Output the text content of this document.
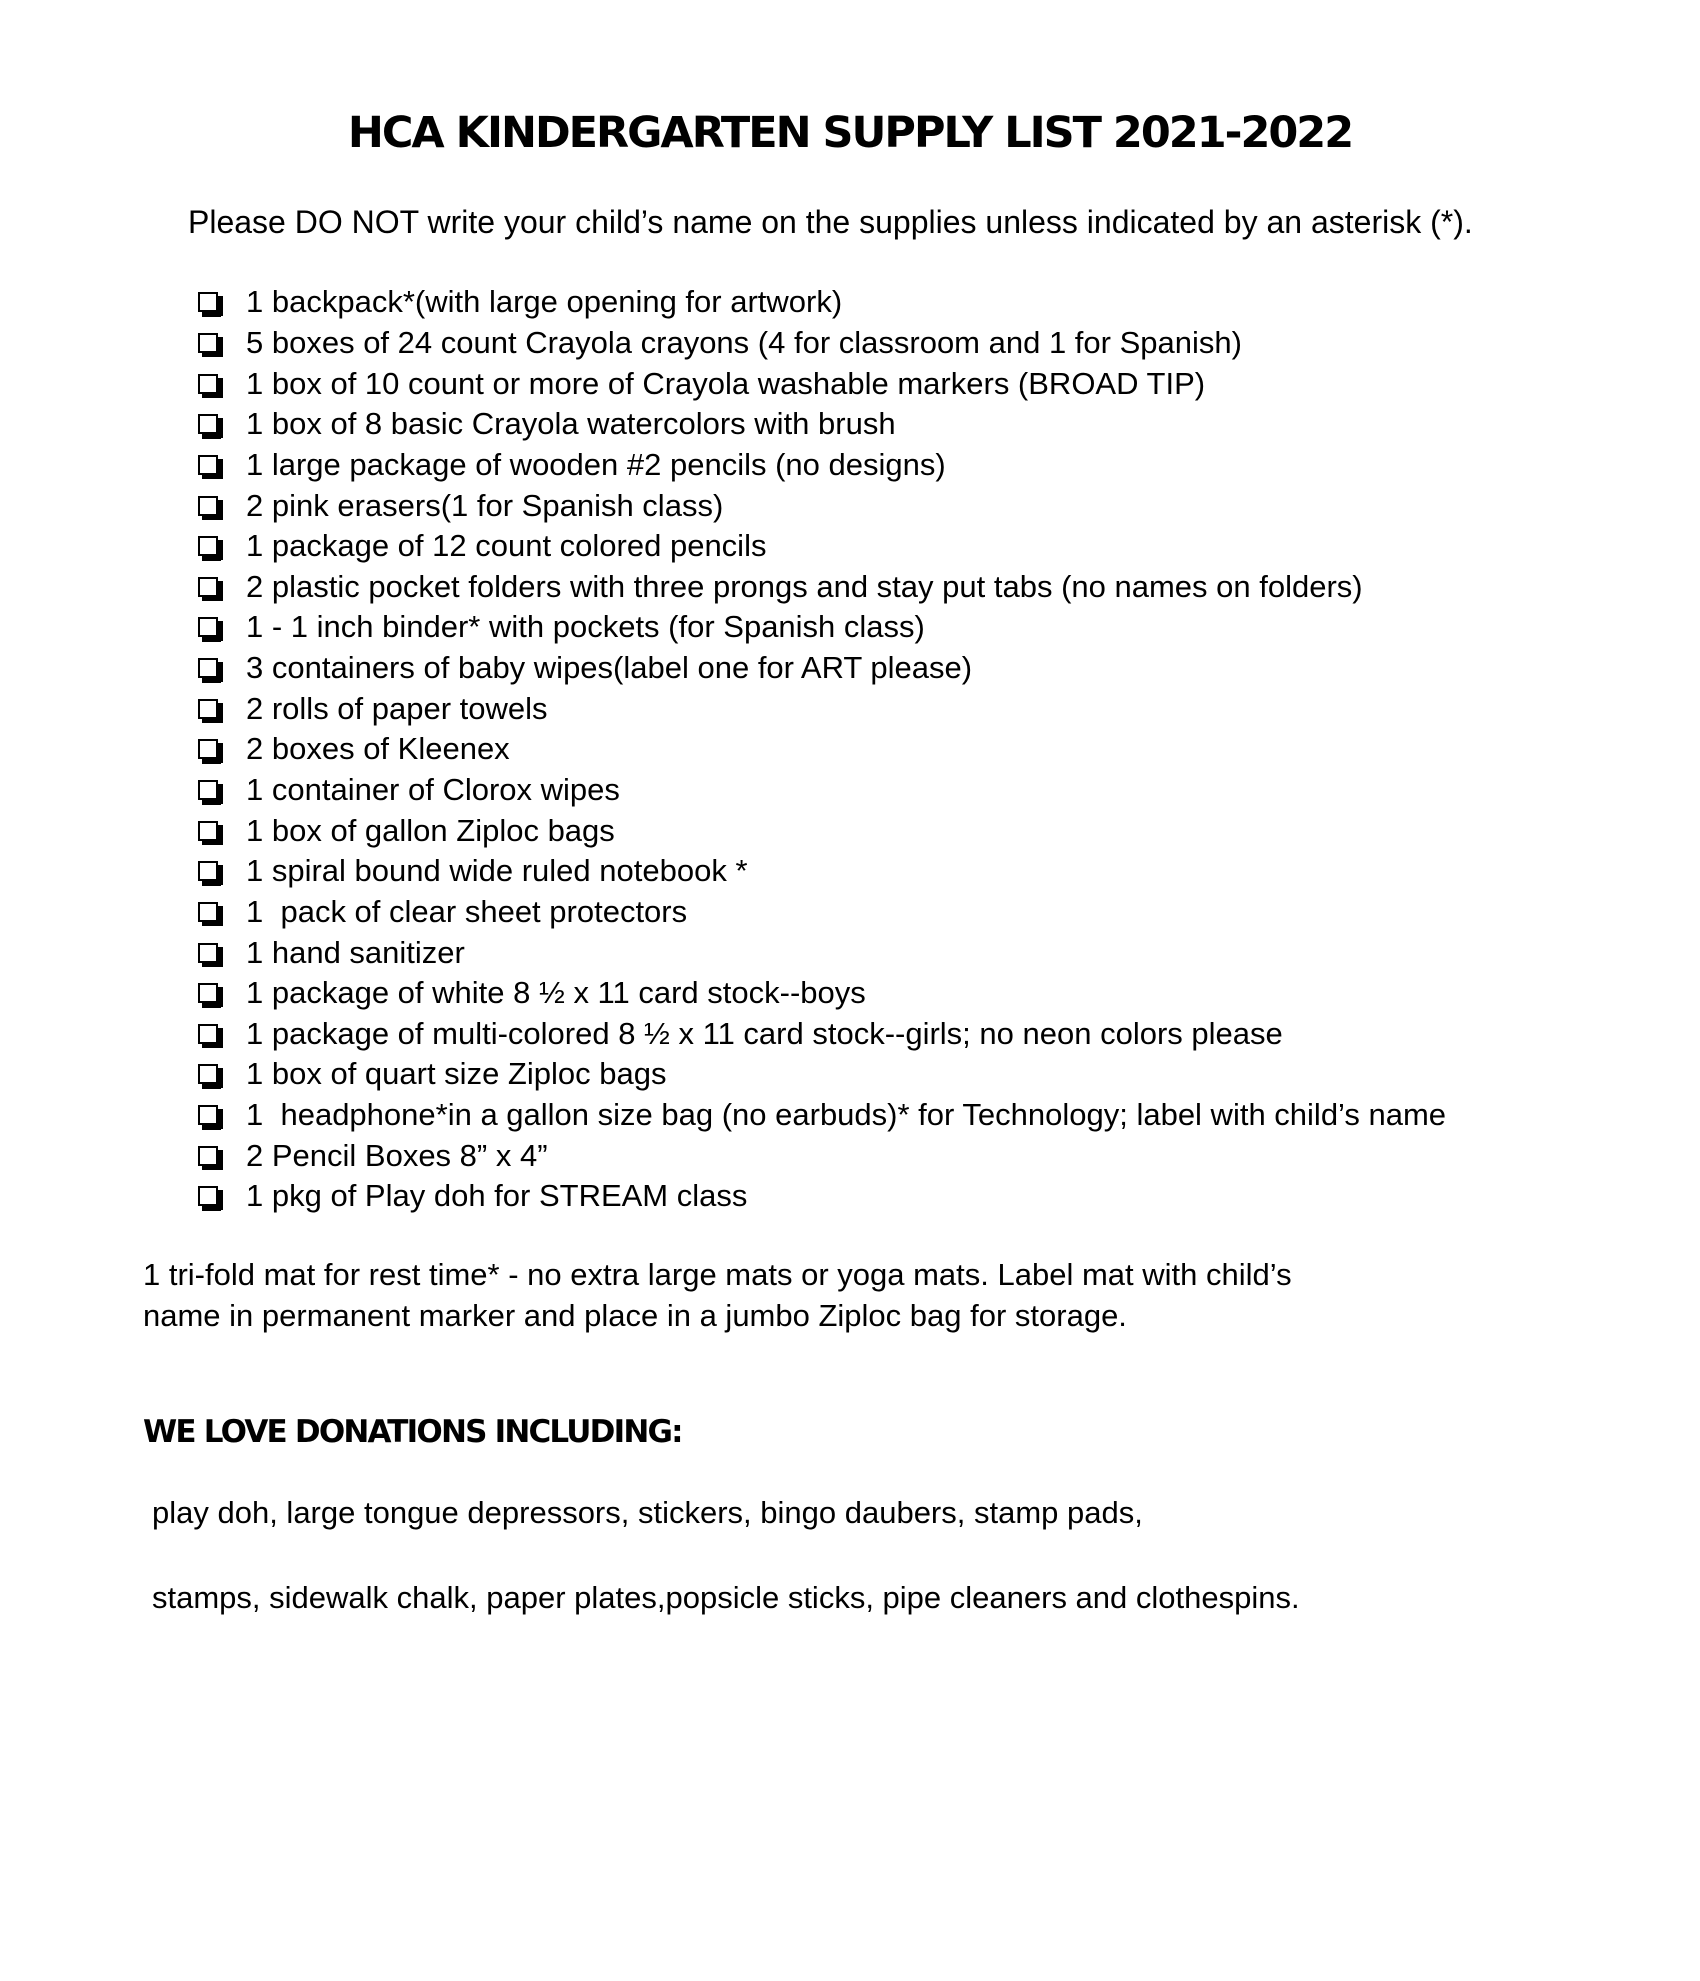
HCA KINDERGARTEN SUPPLY LIST 2021-2022

Please DO NOT write your child’s name on the supplies unless indicated by an asterisk (*).

1 backpack*(with large opening for artwork)
5 boxes of 24 count Crayola crayons (4 for classroom and 1 for Spanish)
1 box of 10 count or more of Crayola washable markers (BROAD TIP)
1 box of 8 basic Crayola watercolors with brush
1 large package of wooden #2 pencils (no designs)
2 pink erasers(1 for Spanish class)
1 package of 12 count colored pencils
2 plastic pocket folders with three prongs and stay put tabs (no names on folders)
1 - 1 inch binder* with pockets (for Spanish class)
3 containers of baby wipes(label one for ART please)
2 rolls of paper towels
2 boxes of Kleenex
1 container of Clorox wipes
1 box of gallon Ziploc bags
1 spiral bound wide ruled notebook *
1  pack of clear sheet protectors
1 hand sanitizer
1 package of white 8 ½ x 11 card stock--boys
1 package of multi-colored 8 ½ x 11 card stock--girls; no neon colors please
1 box of quart size Ziploc bags
1  headphone*in a gallon size bag (no earbuds)* for Technology; label with child’s name
2 Pencil Boxes 8” x 4”
1 pkg of Play doh for STREAM class
1 tri-fold mat for rest time* - no extra large mats or yoga mats. Label mat with child’s
name in permanent marker and place in a jumbo Ziploc bag for storage.
WE LOVE DONATIONS INCLUDING:

play doh, large tongue depressors, stickers, bingo daubers, stamp pads,

stamps, sidewalk chalk, paper plates,popsicle sticks, pipe cleaners and clothespins.
